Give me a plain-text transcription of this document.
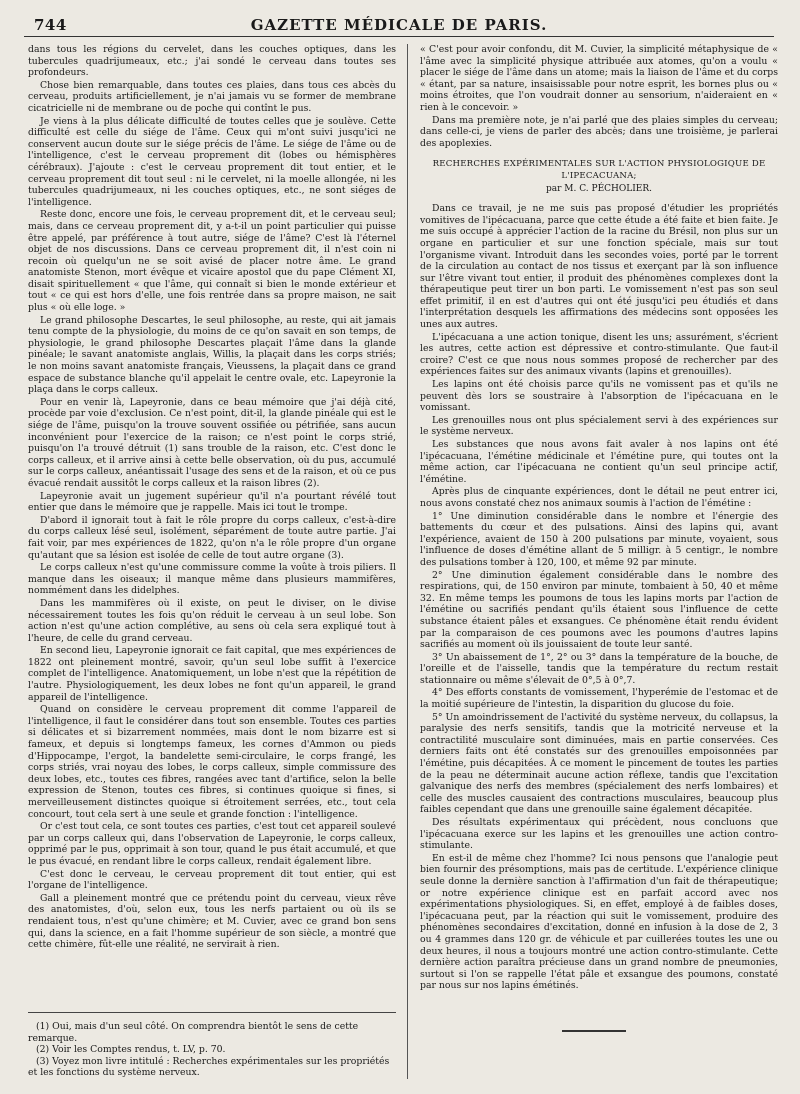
744	GAZETTE MÉDICALE DE PARIS.

dans tous les régions du cervelet, dans les couches optiques, dans les tubercules quadrijumeaux, etc.; j'ai sondé le cerveau dans toutes ses profondeurs.

Chose bien remarquable, dans toutes ces plaies, dans tous ces abcès du cerveau, produits artificiellement, je n'ai jamais vu se former de membrane cicatricielle ni de membrane ou de poche qui contînt le pus.

Je viens à la plus délicate difficulté de toutes celles que je soulève. Cette difficulté est celle du siége de l'âme. Ceux qui m'ont suivi jusqu'ici ne conservent aucun doute sur le siége précis de l'âme. Le siége de l'âme ou de l'intelligence, c'est le cerveau proprement dit (lobes ou hémisphères cérébraux). J'ajoute : c'est le cerveau proprement dit tout entier, et le cerveau proprement dit tout seul : ni le cervelet, ni la moelle allongée, ni les tubercules quadrijumeaux, ni les couches optiques, etc., ne sont siéges de l'intelligence.

Reste donc, encore une fois, le cerveau proprement dit, et le cerveau seul; mais, dans ce cerveau proprement dit, y a-t-il un point particulier qui puisse être appelé, par préférence à tout autre, siége de l'âme? C'est là l'éternel objet de nos discussions. Dans ce cerveau proprement dit, il n'est coin ni recoin où quelqu'un ne se soit avisé de placer notre âme. Le grand anatomiste Stenon, mort évêque et vicaire apostol que du pape Clément XI, disait spirituellement « que l'âme, qui connaît si bien le monde extérieur et tout « ce qui est hors d'elle, une fois rentrée dans sa propre maison, ne sait plus « où elle loge. »

Le grand philosophe Descartes, le seul philosophe, au reste, qui ait jamais tenu compte de la physiologie, du moins de ce qu'on savait en son temps, de physiologie, le grand philosophe Descartes plaçait l'âme dans la glande pinéale; le savant anatomiste anglais, Willis, la plaçait dans les corps striés; le non moins savant anatomiste français, Vieussens, la plaçait dans ce grand espace de substance blanche qu'il appelait le centre ovale, etc. Lapeyronie la plaça dans le corps calleux.

Pour en venir là, Lapeyronie, dans ce beau mémoire que j'ai déjà cité, procède par voie d'exclusion. Ce n'est point, dit-il, la glande pinéale qui est le siége de l'âme, puisqu'on la trouve souvent ossifiée ou pétrifiée, sans aucun inconvénient pour l'exercice de la raison; ce n'est point le corps strié, puisqu'on l'a trouvé détruit (1) sans trouble de la raison, etc. C'est donc le corps calleux, et il arrive ainsi à cette belle observation, où du pus, accumulé sur le corps calleux, anéantissait l'usage des sens et de la raison, et où ce pus évacué rendait aussitôt le corps calleux et la raison libres (2).

Lapeyronie avait un jugement supérieur qu'il n'a pourtant révélé tout entier que dans le mémoire que je rappelle. Mais ici tout le trompe.

D'abord il ignorait tout à fait le rôle propre du corps calleux, c'est-à-dire du corps calleux lésé seul, isolément, séparément de toute autre partie. J'ai fait voir, par mes expériences de 1822, qu'on n'a le rôle propre d'un organe qu'autant que sa lésion est isolée de celle de tout autre organe (3).

Le corps calleux n'est qu'une commissure comme la voûte à trois piliers. Il manque dans les oiseaux; il manque même dans plusieurs mammifères, nommément dans les didelphes.

Dans les mammifères où il existe, on peut le diviser, on le divise nécessairement toutes les fois qu'on réduit le cerveau à un seul lobe. Son action n'est qu'une action complétive, au sens où cela sera expliqué tout à l'heure, de celle du grand cerveau.

En second lieu, Lapeyronie ignorait ce fait capital, que mes expériences de 1822 ont pleinement montré, savoir, qu'un seul lobe suffit à l'exercice complet de l'intelligence. Anatomiquement, un lobe n'est que la répétition de l'autre. Physiologiquement, les deux lobes ne font qu'un appareil, le grand appareil de l'intelligence.

Quand on considère le cerveau proprement dit comme l'appareil de l'intelligence, il faut le considérer dans tout son ensemble. Toutes ces parties si délicates et si bizarrement nommées, mais dont le nom bizarre est si fameux, et depuis si longtemps fameux, les cornes d'Ammon ou pieds d'Hippocampe, l'ergot, la bandelette semi-circulaire, le corps frangé, les corps striés, vrai noyau des lobes, le corps calleux, simple commissure des deux lobes, etc., toutes ces fibres, rangées avec tant d'artifice, selon la belle expression de Stenon, toutes ces fibres, si continues quoique si fines, si merveilleusement distinctes quoique si étroitement serrées, etc., tout cela concourt, tout cela sert à une seule et grande fonction : l'intelligence.

Or c'est tout cela, ce sont toutes ces parties, c'est tout cet appareil soulevé par un corps calleux qui, dans l'observation de Lapeyronie, le corps calleux, opprimé par le pus, opprimait à son tour, quand le pus était accumulé, et que le pus évacué, en rendant libre le corps calleux, rendait également libre.

C'est donc le cerveau, le cerveau proprement dit tout entier, qui est l'organe de l'intelligence.

Gall a pleinement montré que ce prétendu point du cerveau, vieux rêve des anatomistes, d'où, selon eux, tous les nerfs partaient ou où ils se rendaient tous, n'est qu'une chimère; et M. Cuvier, avec ce grand bon sens qui, dans la science, en a fait l'homme supérieur de son siècle, a montré que cette chimère, fût-elle une réalité, ne servirait à rien.

« C'est pour avoir confondu, dit M. Cuvier, la simplicité métaphysique de « l'âme avec la simplicité physique attribuée aux atomes, qu'on a voulu « placer le siége de l'âme dans un atome; mais la liaison de l'âme et du corps « étant, par sa nature, insaisissable pour notre esprit, les bornes plus ou « moins étroites, que l'on voudrait donner au sensorium, n'aideraient en « rien à le concevoir. »

Dans ma première note, je n'ai parlé que des plaies simples du cerveau; dans celle-ci, je viens de parler des abcès; dans une troisième, je parlerai des apoplexies.

RECHERCHES EXPÉRIMENTALES SUR L'ACTION PHYSIOLOGIQUE DE L'IPECACUANA;
par M. C. PÉCHOLIER.

Dans ce travail, je ne me suis pas proposé d'étudier les propriétés vomitives de l'ipécacuana, parce que cette étude a été faite et bien faite. Je me suis occupé à apprécier l'action de la racine du Brésil, non plus sur un organe en particulier et sur une fonction spéciale, mais sur tout l'organisme vivant. Introduit dans les secondes voies, porté par le torrent de la circulation au contact de nos tissus et exerçant par là son influence sur l'être vivant tout entier, il produit des phénomènes complexes dont la thérapeutique peut tirer un bon parti. Le vomissement n'est pas son seul effet primitif, il en est d'autres qui ont été jusqu'ici peu étudiés et dans l'interprétation desquels les affirmations des médecins sont opposées les unes aux autres.

L'ipécacuana a une action tonique, disent les uns; assurément, s'écrient les autres, cette action est dépressive et contro-stimulante. Que faut-il croire? C'est ce que nous nous sommes proposé de rechercher par des expériences faites sur des animaux vivants (lapins et grenouilles).

Les lapins ont été choisis parce qu'ils ne vomissent pas et qu'ils ne peuvent dès lors se soustraire à l'absorption de l'ipécacuana en le vomissant.

Les grenouilles nous ont plus spécialement servi à des expériences sur le système nerveux.

Les substances que nous avons fait avaler à nos lapins ont été l'ipécacuana, l'émétine médicinale et l'émétine pure, qui toutes ont la même action, car l'ipécacuana ne contient qu'un seul principe actif, l'émétine.

Après plus de cinquante expériences, dont le détail ne peut entrer ici, nous avons constaté chez nos animaux soumis à l'action de l'émétine :

1° Une diminution considérable dans le nombre et l'énergie des battements du cœur et des pulsations. Ainsi des lapins qui, avant l'expérience, avaient de 150 à 200 pulsations par minute, voyaient, sous l'influence de doses d'émétine allant de 5 milligr. à 5 centigr., le nombre des pulsations tomber à 120, 100, et même 92 par minute.

2° Une diminution également considérable dans le nombre des respirations, qui, de 150 environ par minute, tombaient à 50, 40 et même 32. En même temps les poumons de tous les lapins morts par l'action de l'émétine ou sacrifiés pendant qu'ils étaient sous l'influence de cette substance étaient pâles et exsangues. Ce phénomène était rendu évident par la comparaison de ces poumons avec les poumons d'autres lapins sacrifiés au moment où ils jouissaient de toute leur santé.

3° Un abaissement de 1°, 2° ou 3° dans la température de la bouche, de l'oreille et de l'aisselle, tandis que la température du rectum restait stationnaire ou même s'élevait de 0°,5 à 0°,7.

4° Des efforts constants de vomissement, l'hyperémie de l'estomac et de la moitié supérieure de l'intestin, la disparition du glucose du foie.

5° Un amoindrissement de l'activité du système nerveux, du collapsus, la paralysie des nerfs sensitifs, tandis que la motricité nerveuse et la contractilité musculaire sont diminuées, mais en partie conservées. Ces derniers faits ont été constatés sur des grenouilles empoisonnées par l'émétine, puis décapitées. À ce moment le pincement de toutes les parties de la peau ne déterminait aucune action réflexe, tandis que l'excitation galvanique des nerfs des membres (spécialement des nerfs lombaires) et celle des muscles causaient des contractions musculaires, beaucoup plus faibles cependant que dans une grenouille saine également décapitée.

Des résultats expérimentaux qui précèdent, nous concluons que l'ipécacuana exerce sur les lapins et les grenouilles une action contro-stimulante.

En est-il de même chez l'homme? Ici nous pensons que l'analogie peut bien fournir des présomptions, mais pas de certitude. L'expérience clinique seule donne la dernière sanction à l'affirmation d'un fait de thérapeutique; or notre expérience clinique est en parfait accord avec nos expérimentations physiologiques. Si, en effet, employé à de faibles doses, l'ipécacuana peut, par la réaction qui suit le vomissement, produire des phénomènes secondaires d'excitation, donné en infusion à la dose de 2, 3 ou 4 grammes dans 120 gr. de véhicule et par cuillerées toutes les une ou deux heures, il nous a toujours montré une action contro-stimulante. Cette dernière action paraîtra précieuse dans un grand nombre de pneumonies, surtout si l'on se rappelle l'état pâle et exsangue des poumons, constaté par nous sur nos lapins émétinés.

(1) Oui, mais d'un seul côté. On comprendra bientôt le sens de cette remarque.

(2) Voir les Comptes rendus, t. LV, p. 70.

(3) Voyez mon livre intitulé : Recherches expérimentales sur les propriétés et les fonctions du système nerveux.
